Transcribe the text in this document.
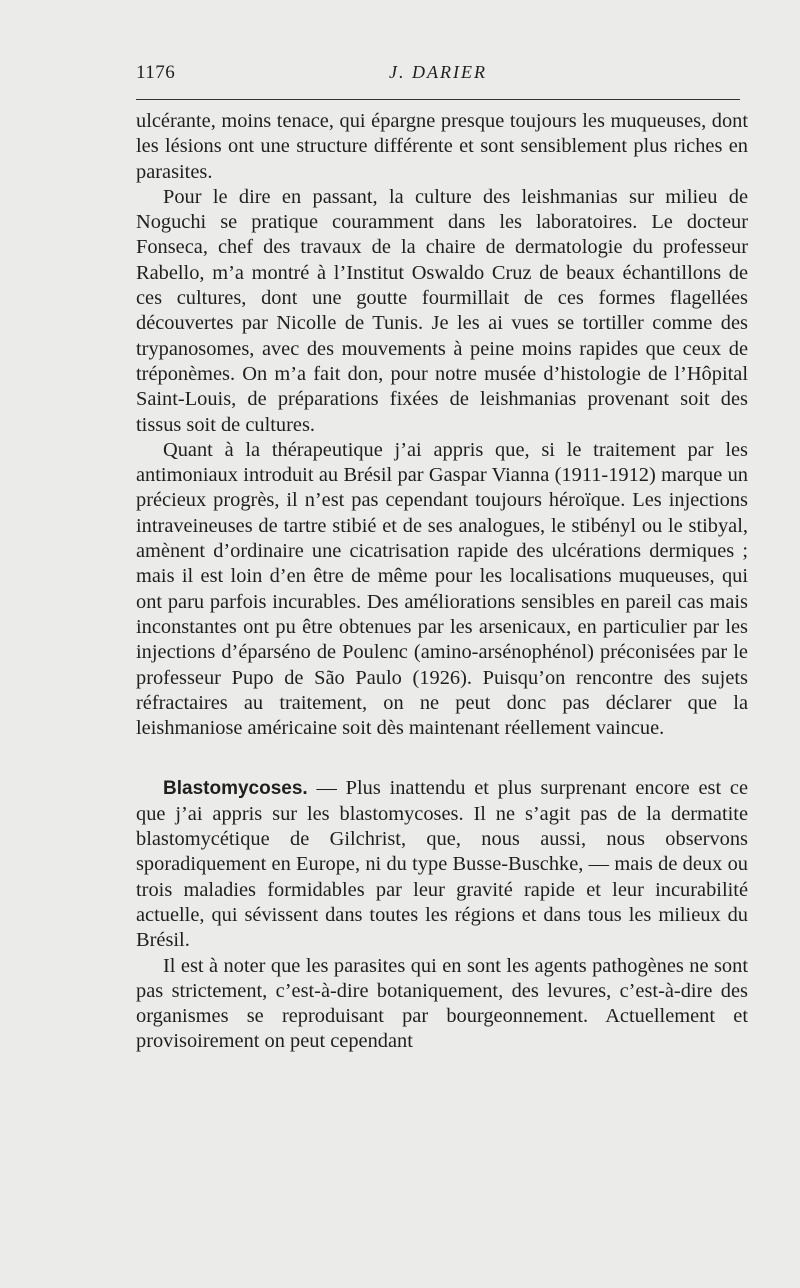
1176	J. DARIER

ulcérante, moins tenace, qui épargne presque toujours les muqueuses, dont les lésions ont une structure différente et sont sensiblement plus riches en parasites.

Pour le dire en passant, la culture des leishmanias sur milieu de Noguchi se pratique couramment dans les laboratoires. Le docteur Fonseca, chef des travaux de la chaire de dermatologie du professeur Rabello, m’a montré à l’Institut Oswaldo Cruz de beaux échantillons de ces cultures, dont une goutte fourmillait de ces formes flagellées découvertes par Nicolle de Tunis. Je les ai vues se tortiller comme des trypanosomes, avec des mouvements à peine moins rapides que ceux de tréponèmes. On m’a fait don, pour notre musée d’histologie de l’Hôpital Saint-Louis, de préparations fixées de leishmanias provenant soit des tissus soit de cultures.

Quant à la thérapeutique j’ai appris que, si le traitement par les antimoniaux introduit au Brésil par Gaspar Vianna (1911-1912) marque un précieux progrès, il n’est pas cependant toujours héroïque. Les injections intraveineuses de tartre stibié et de ses analogues, le stibényl ou le stibyal, amènent d’ordinaire une cicatrisation rapide des ulcérations dermiques ; mais il est loin d’en être de même pour les localisations muqueuses, qui ont paru parfois incurables. Des améliorations sensibles en pareil cas mais inconstantes ont pu être obtenues par les arsenicaux, en particulier par les injections d’éparséno de Poulenc (amino-arsénophénol) préconisées par le professeur Pupo de São Paulo (1926). Puisqu’on rencontre des sujets réfractaires au traitement, on ne peut donc pas déclarer que la leishmaniose américaine soit dès maintenant réellement vaincue.

Blastomycoses. — Plus inattendu et plus surprenant encore est ce que j’ai appris sur les blastomycoses. Il ne s’agit pas de la dermatite blastomycétique de Gilchrist, que, nous aussi, nous observons sporadiquement en Europe, ni du type Busse-Buschke, — mais de deux ou trois maladies formidables par leur gravité rapide et leur incurabilité actuelle, qui sévissent dans toutes les régions et dans tous les milieux du Brésil.

Il est à noter que les parasites qui en sont les agents pathogènes ne sont pas strictement, c’est-à-dire botaniquement, des levures, c’est-à-dire des organismes se reproduisant par bourgeonnement. Actuellement et provisoirement on peut cependant
